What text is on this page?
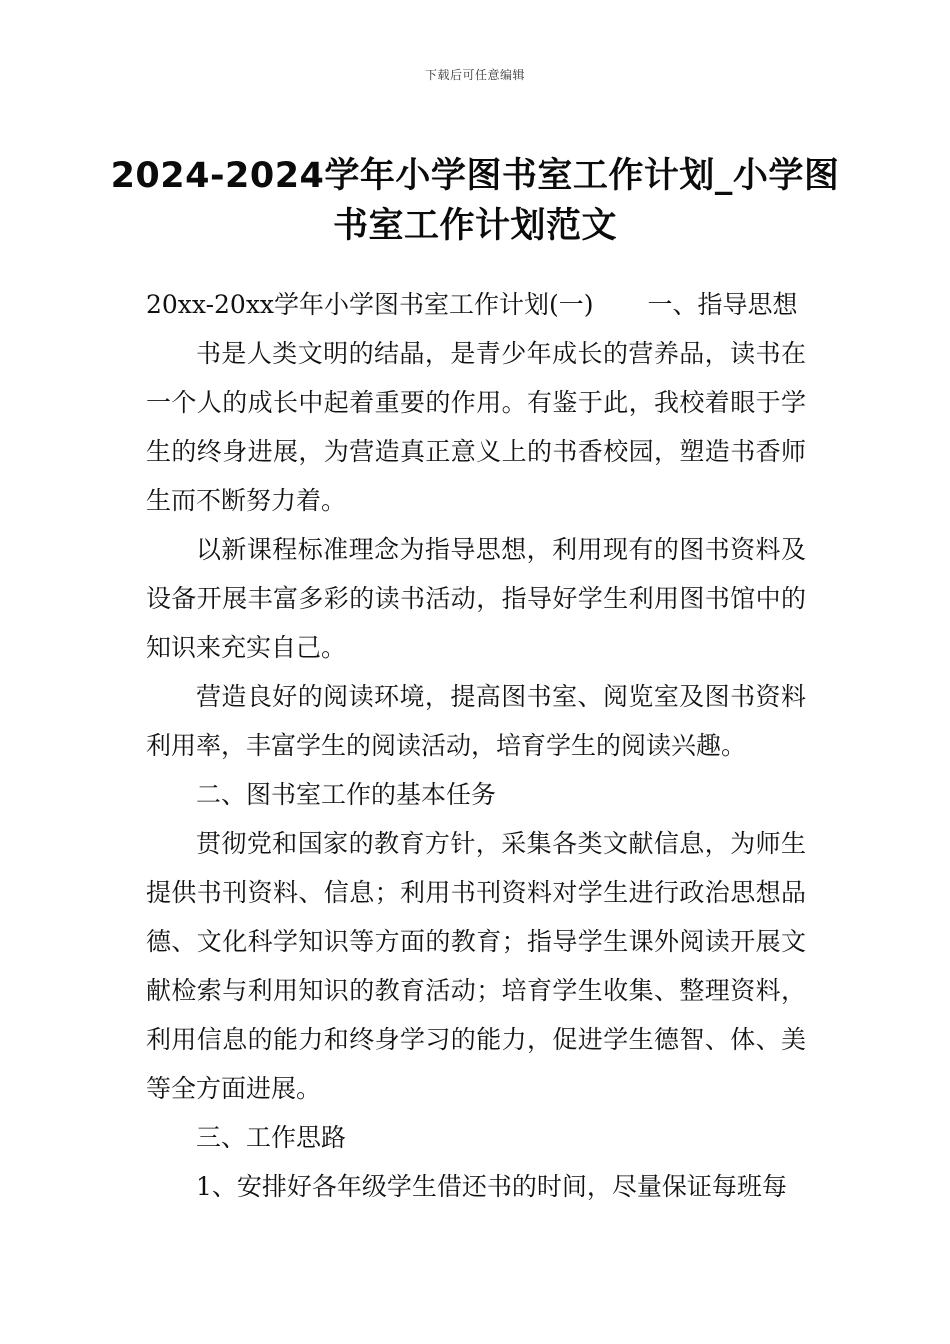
下载后可任意编辑
2024-2024学年小学图书室工作计划_小学图书室工作计划范文

20xx-20xx学年小学图书室工作计划(一) 一、指导思想

书是人类文明的结晶，是青少年成长的营养品，读书在一个人的成长中起着重要的作用。有鉴于此，我校着眼于学生的终身进展，为营造真正意义上的书香校园，塑造书香师生而不断努力着。

以新课程标准理念为指导思想，利用现有的图书资料及设备开展丰富多彩的读书活动，指导好学生利用图书馆中的知识来充实自己。

营造良好的阅读环境，提高图书室、阅览室及图书资料利用率，丰富学生的阅读活动，培育学生的阅读兴趣。

二、图书室工作的基本任务

贯彻党和国家的教育方针，采集各类文献信息，为师生提供书刊资料、信息；利用书刊资料对学生进行政治思想品德、文化科学知识等方面的教育；指导学生课外阅读开展文献检索与利用知识的教育活动；培育学生收集、整理资料，利用信息的能力和终身学习的能力，促进学生德智、体、美等全方面进展。

三、工作思路

1、安排好各年级学生借还书的时间，尽量保证每班每
